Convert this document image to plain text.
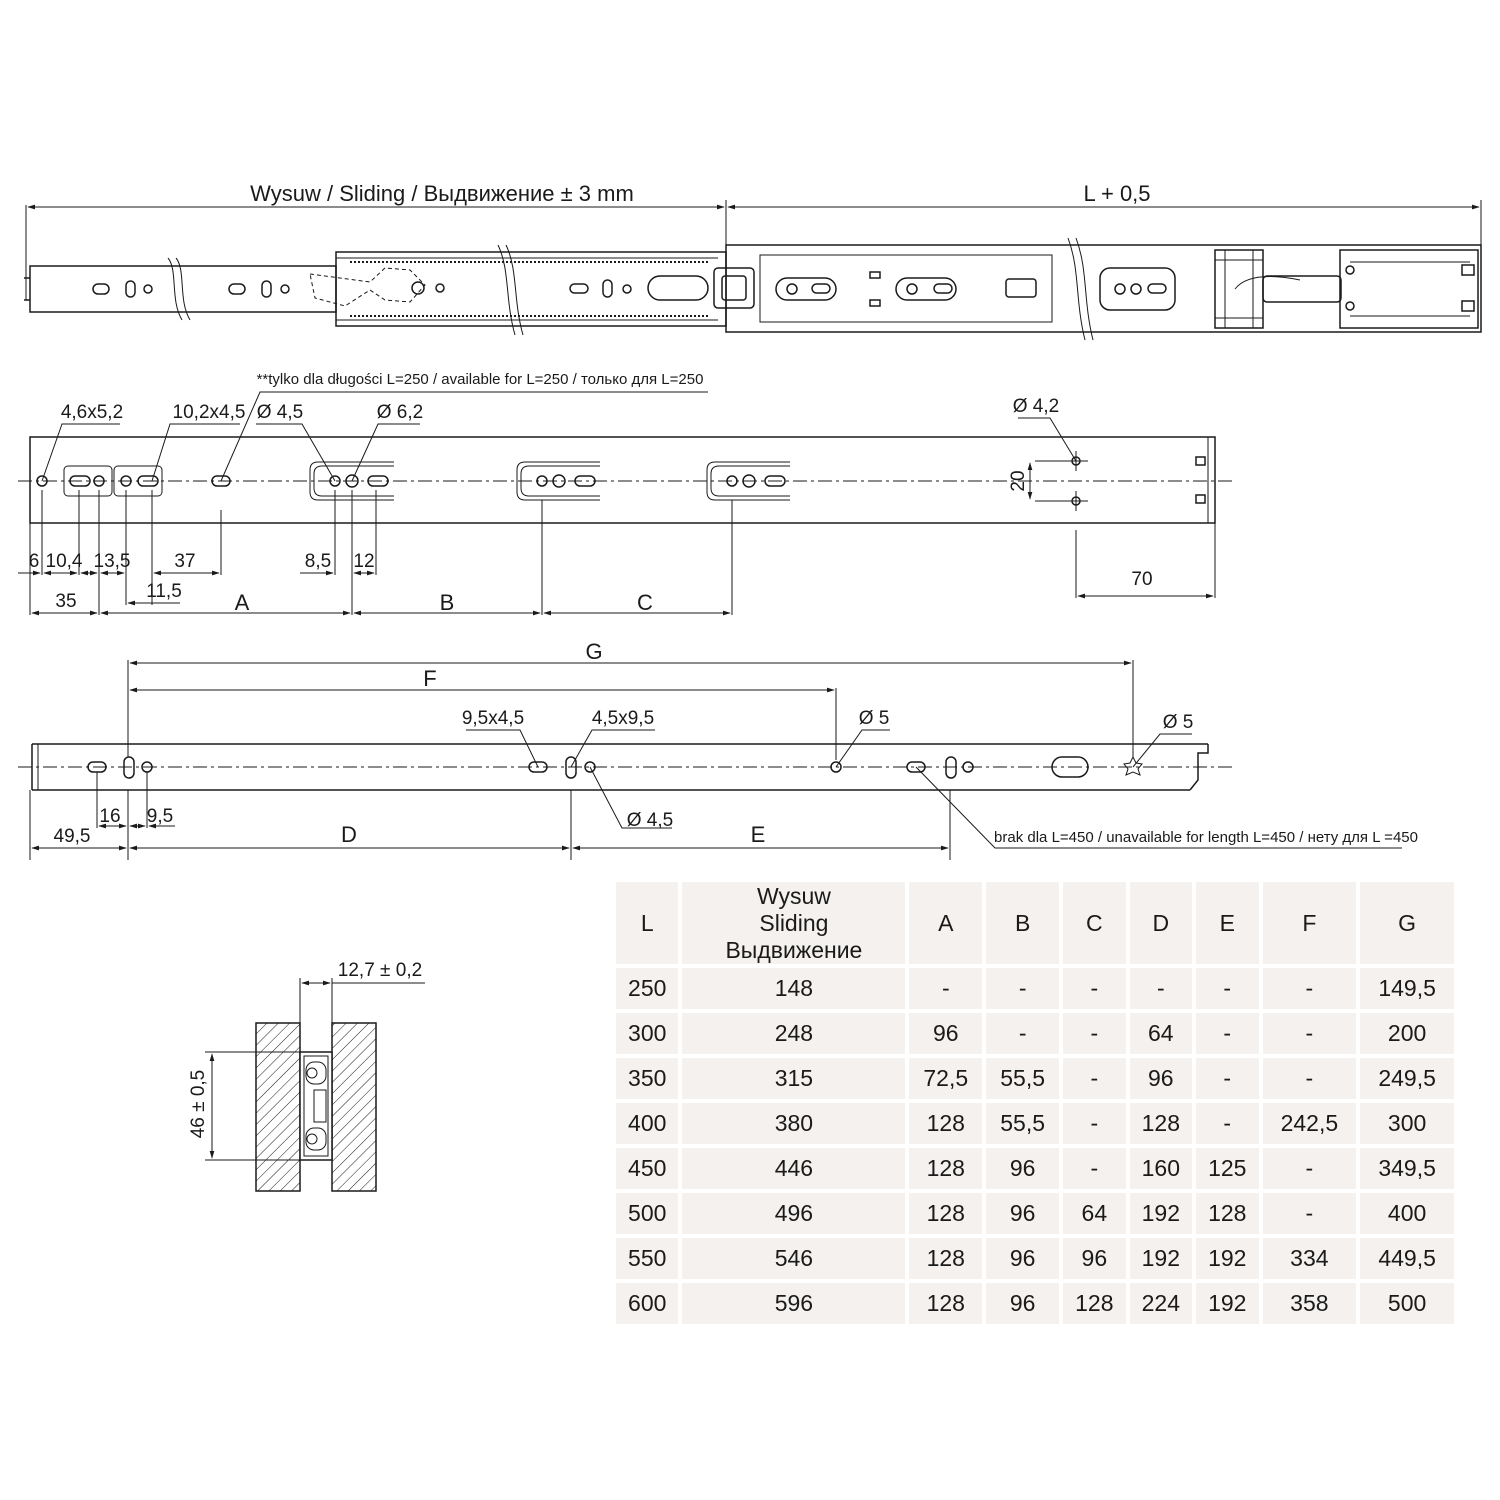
Wysuw / Sliding / Выдвижение ± 3 mm	L + 0,5
**tylko dla długości L=250 / available for L=250 / только для L=250
4,6x5,2	10,2x4,5 Ø 4,5	Ø 6,2	Ø 4,2
6 10,4 13,5 37
11,5
35
8,5 12
A	B	C
20
70
G
F
9,5x4,5	4,5x9,5	Ø 5	Ø 5
Ø 4,5
brak dla L=450 / unavailable for length L=450 / нету для L =450
49,5
16 9,5
D	E
12,7 ± 0,2
46 ± 0,5
L	Wysuw
Sliding
Выдвижение	A	B	C	D	E	F	G
250	148	-	-	-	-	-	-	149,5
300	248	96	-	-	64	-	-	200
350	315	72,5	55,5	-	96	-	-	249,5
400	380	128	55,5	-	128	-	242,5	300
450	446	128	96	-	160	125	-	349,5
500	496	128	96	64	192	128	-	400
550	546	128	96	96	192	192	334	449,5
600	596	128	96	128	224	192	358	500
